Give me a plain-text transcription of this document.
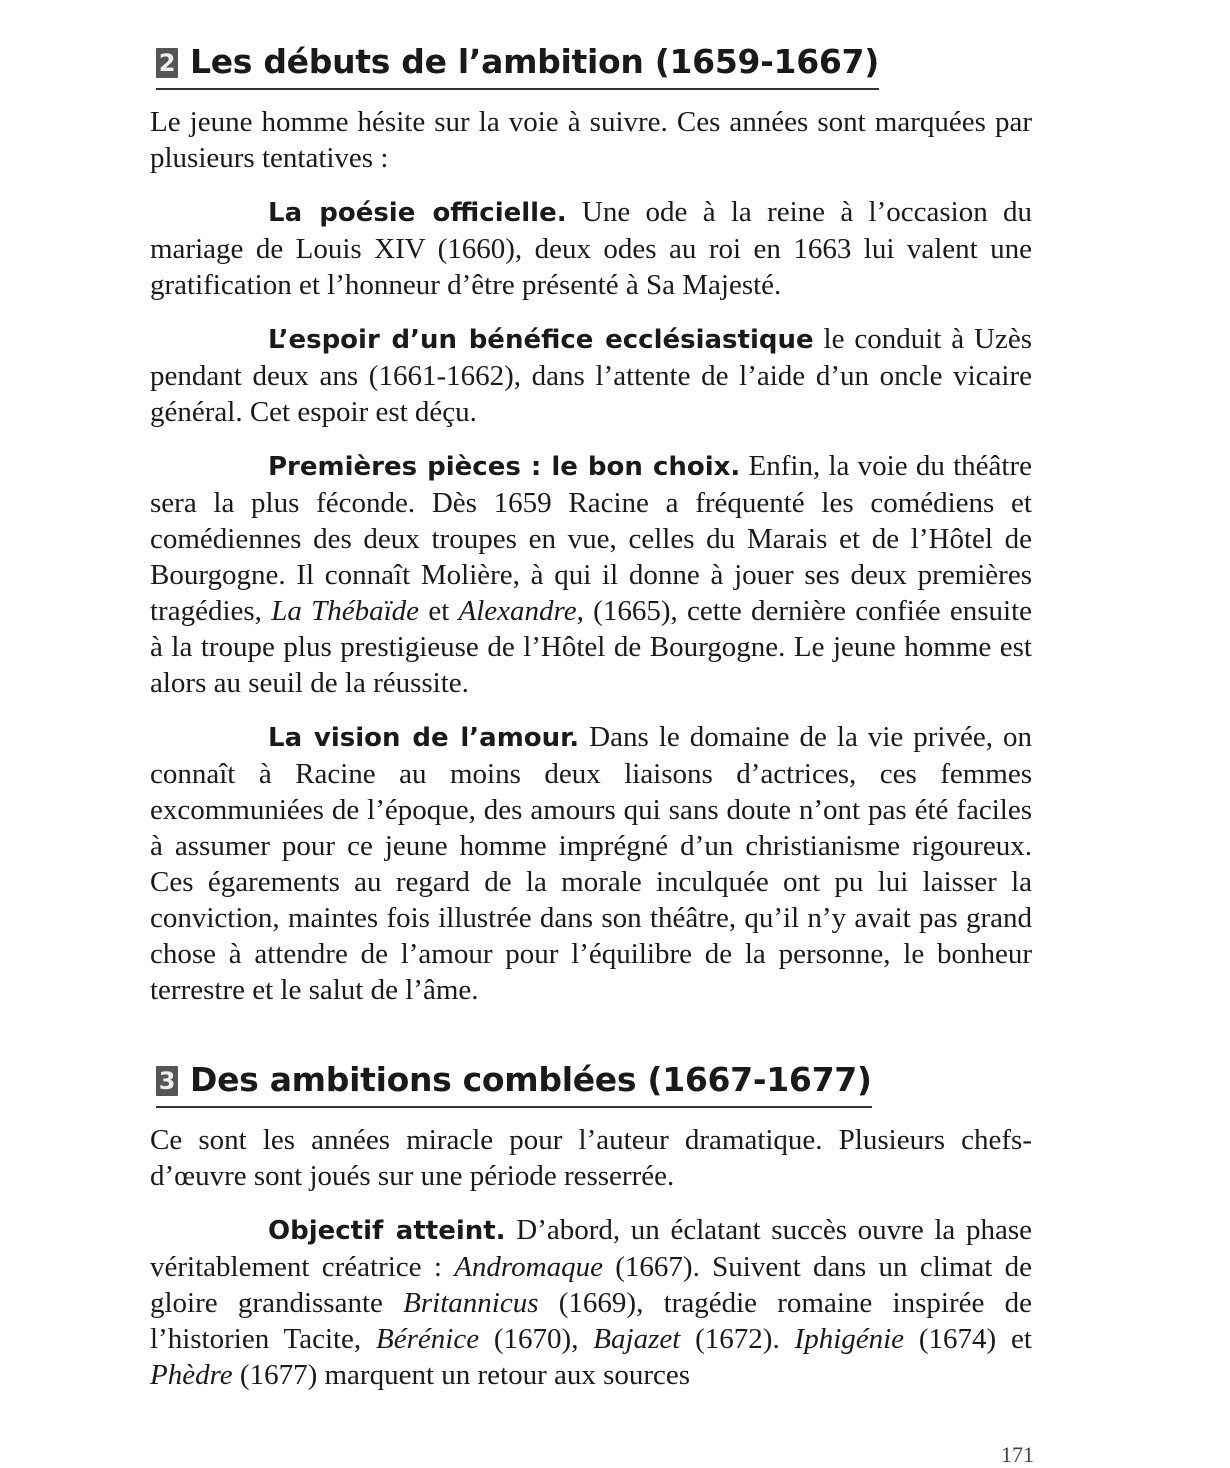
2 Les débuts de l’ambition (1659-1667)

Le jeune homme hésite sur la voie à suivre. Ces années sont marquées par plusieurs tentatives :

La poésie officielle. Une ode à la reine à l’occasion du mariage de Louis XIV (1660), deux odes au roi en 1663 lui valent une gratification et l’honneur d’être présenté à Sa Majesté.

L’espoir d’un bénéfice ecclésiastique le conduit à Uzès pendant deux ans (1661-1662), dans l’attente de l’aide d’un oncle vicaire général. Cet espoir est déçu.

Premières pièces : le bon choix. Enfin, la voie du théâtre sera la plus féconde. Dès 1659 Racine a fréquenté les comédiens et comédiennes des deux troupes en vue, celles du Marais et de l’Hôtel de Bourgogne. Il connaît Molière, à qui il donne à jouer ses deux premières tragédies, La Thébaïde et Alexandre, (1665), cette dernière confiée ensuite à la troupe plus prestigieuse de l’Hôtel de Bourgogne. Le jeune homme est alors au seuil de la réussite.

La vision de l’amour. Dans le domaine de la vie privée, on connaît à Racine au moins deux liaisons d’actrices, ces femmes excommuniées de l’époque, des amours qui sans doute n’ont pas été faciles à assumer pour ce jeune homme imprégné d’un christianisme rigoureux. Ces égarements au regard de la morale inculquée ont pu lui laisser la conviction, maintes fois illustrée dans son théâtre, qu’il n’y avait pas grand chose à attendre de l’amour pour l’équilibre de la personne, le bonheur terrestre et le salut de l’âme.

3 Des ambitions comblées (1667-1677)

Ce sont les années miracle pour l’auteur dramatique. Plusieurs chefs-d’œuvre sont joués sur une période resserrée.

Objectif atteint. D’abord, un éclatant succès ouvre la phase véritablement créatrice : Andromaque (1667). Suivent dans un climat de gloire grandissante Britannicus (1669), tragédie romaine inspirée de l’historien Tacite, Bérénice (1670), Bajazet (1672). Iphigénie (1674) et Phèdre (1677) marquent un retour aux sources

171
